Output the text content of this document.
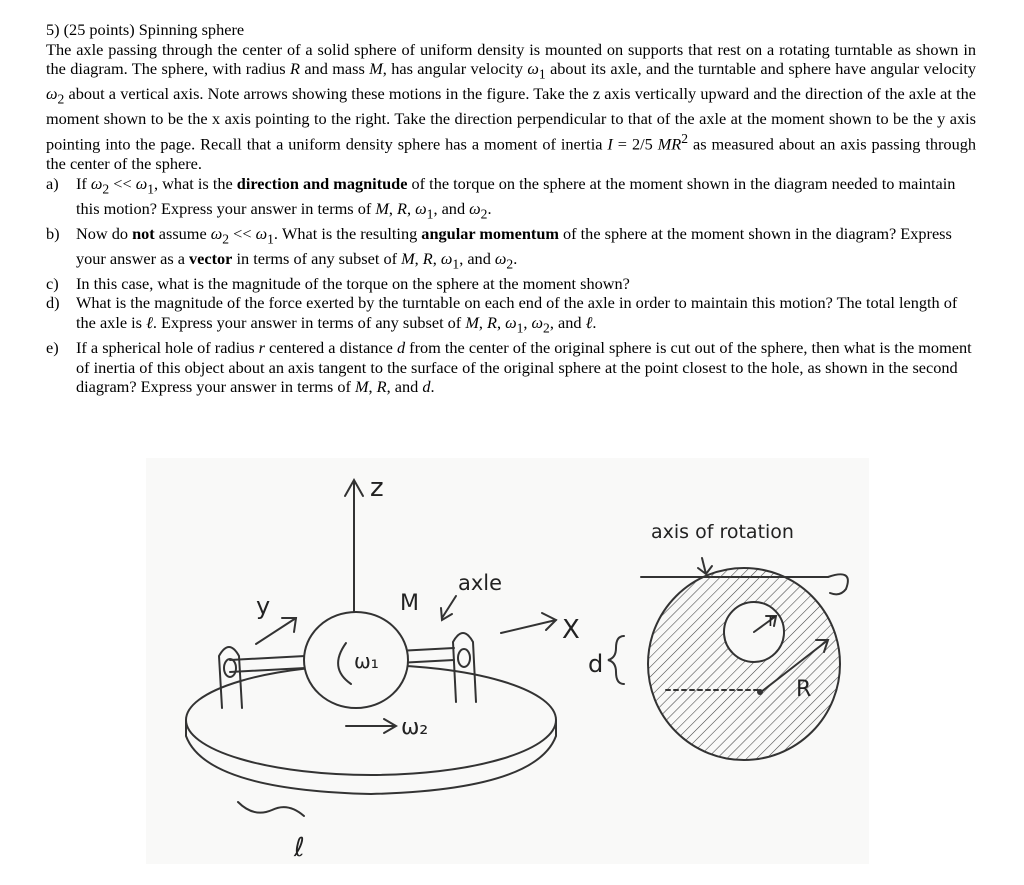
5) (25 points) Spinning sphere

The axle passing through the center of a solid sphere of uniform density is mounted on supports that rest on a rotating turntable as shown in the diagram. The sphere, with radius R and mass M, has angular velocity $\omega_1$ about its axle, and the turntable and sphere have angular velocity $\omega_2$ about a vertical axis. Note arrows showing these motions in the figure. Take the z axis vertically upward and the direction of the axle at the moment shown to be the x axis pointing to the right. Take the direction perpendicular to that of the axle at the moment shown to be the y axis pointing into the page. Recall that a uniform density sphere has a moment of inertia I = 2/5 $MR^2$ as measured about an axis passing through the center of the sphere.

a)	If $\omega_2 << \omega_1$, what is the direction and magnitude of the torque on the sphere at the moment shown in the diagram needed to maintain this motion? Express your answer in terms of M, R, $\omega_1$, and $\omega_2$.
b)	Now do not assume $\omega_2 << \omega_1$. What is the resulting angular momentum of the sphere at the moment shown in the diagram? Express your answer as a vector in terms of any subset of M, R, $\omega_1$, and $\omega_2$.
c)	In this case, what is the magnitude of the torque on the sphere at the moment shown?
d)	What is the magnitude of the force exerted by the turntable on each end of the axle in order to maintain this motion? The total length of the axle is ℓ. Express your answer in terms of any subset of M, R, $\omega_1$, $\omega_2$, and ℓ.
e)	If a spherical hole of radius r centered a distance d from the center of the original sphere is cut out of the sphere, then what is the moment of inertia of this object about an axis tangent to the surface of the original sphere at the point closest to the hole, as shown in the second diagram? Express your answer in terms of M, R, and d.
z
y
X
M
axle
ω₁
ω₂
ℓ
axis of rotation
r
R
d
